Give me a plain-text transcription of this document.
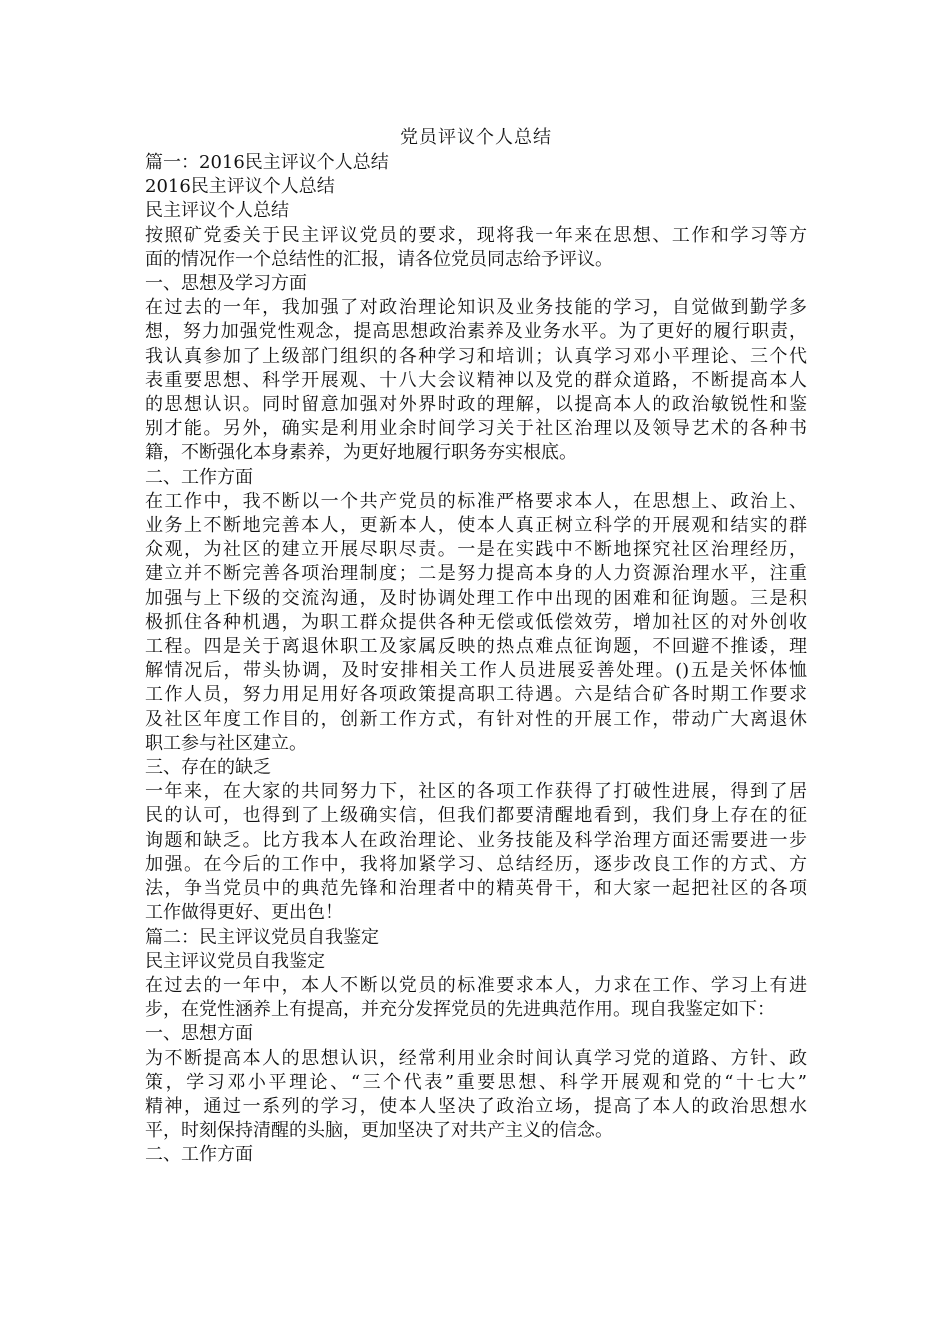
党员评议个人总结

篇一：2016民主评议个人总结

2016民主评议个人总结

民主评议个人总结

按照矿党委关于民主评议党员的要求，现将我一年来在思想、工作和学习等方
面的情况作一个总结性的汇报，请各位党员同志给予评议。

一、思想及学习方面

在过去的一年，我加强了对政治理论知识及业务技能的学习，自觉做到勤学多
想，努力加强党性观念，提高思想政治素养及业务水平。为了更好的履行职责，
我认真参加了上级部门组织的各种学习和培训；认真学习邓小平理论、三个代
表重要思想、科学开展观、十八大会议精神以及党的群众道路，不断提高本人
的思想认识。同时留意加强对外界时政的理解，以提高本人的政治敏锐性和鉴
别才能。另外，确实是利用业余时间学习关于社区治理以及领导艺术的各种书
籍，不断强化本身素养，为更好地履行职务夯实根底。

二、工作方面

在工作中，我不断以一个共产党员的标准严格要求本人，在思想上、政治上、
业务上不断地完善本人，更新本人，使本人真正树立科学的开展观和结实的群
众观，为社区的建立开展尽职尽责。一是在实践中不断地探究社区治理经历，
建立并不断完善各项治理制度；二是努力提高本身的人力资源治理水平，注重
加强与上下级的交流沟通，及时协调处理工作中出现的困难和征询题。三是积
极抓住各种机遇，为职工群众提供各种无偿或低偿效劳，增加社区的对外创收
工程。四是关于离退休职工及家属反映的热点难点征询题，不回避不推诿，理
解情况后，带头协调，及时安排相关工作人员进展妥善处理。()五是关怀体恤
工作人员，努力用足用好各项政策提高职工待遇。六是结合矿各时期工作要求
及社区年度工作目的，创新工作方式，有针对性的开展工作，带动广大离退休
职工参与社区建立。

三、存在的缺乏

一年来，在大家的共同努力下，社区的各项工作获得了打破性进展，得到了居
民的认可，也得到了上级确实信，但我们都要清醒地看到，我们身上存在的征
询题和缺乏。比方我本人在政治理论、业务技能及科学治理方面还需要进一步
加强。在今后的工作中，我将加紧学习、总结经历，逐步改良工作的方式、方
法，争当党员中的典范先锋和治理者中的精英骨干，和大家一起把社区的各项
工作做得更好、更出色！

篇二：民主评议党员自我鉴定

民主评议党员自我鉴定

在过去的一年中，本人不断以党员的标准要求本人，力求在工作、学习上有进
步，在党性涵养上有提高，并充分发挥党员的先进典范作用。现自我鉴定如下：

一、思想方面

为不断提高本人的思想认识，经常利用业余时间认真学习党的道路、方针、政
策，学习邓小平理论、“三个代表”重要思想、科学开展观和党的“十七大”
精神，通过一系列的学习，使本人坚决了政治立场，提高了本人的政治思想水
平，时刻保持清醒的头脑，更加坚决了对共产主义的信念。

二、工作方面
